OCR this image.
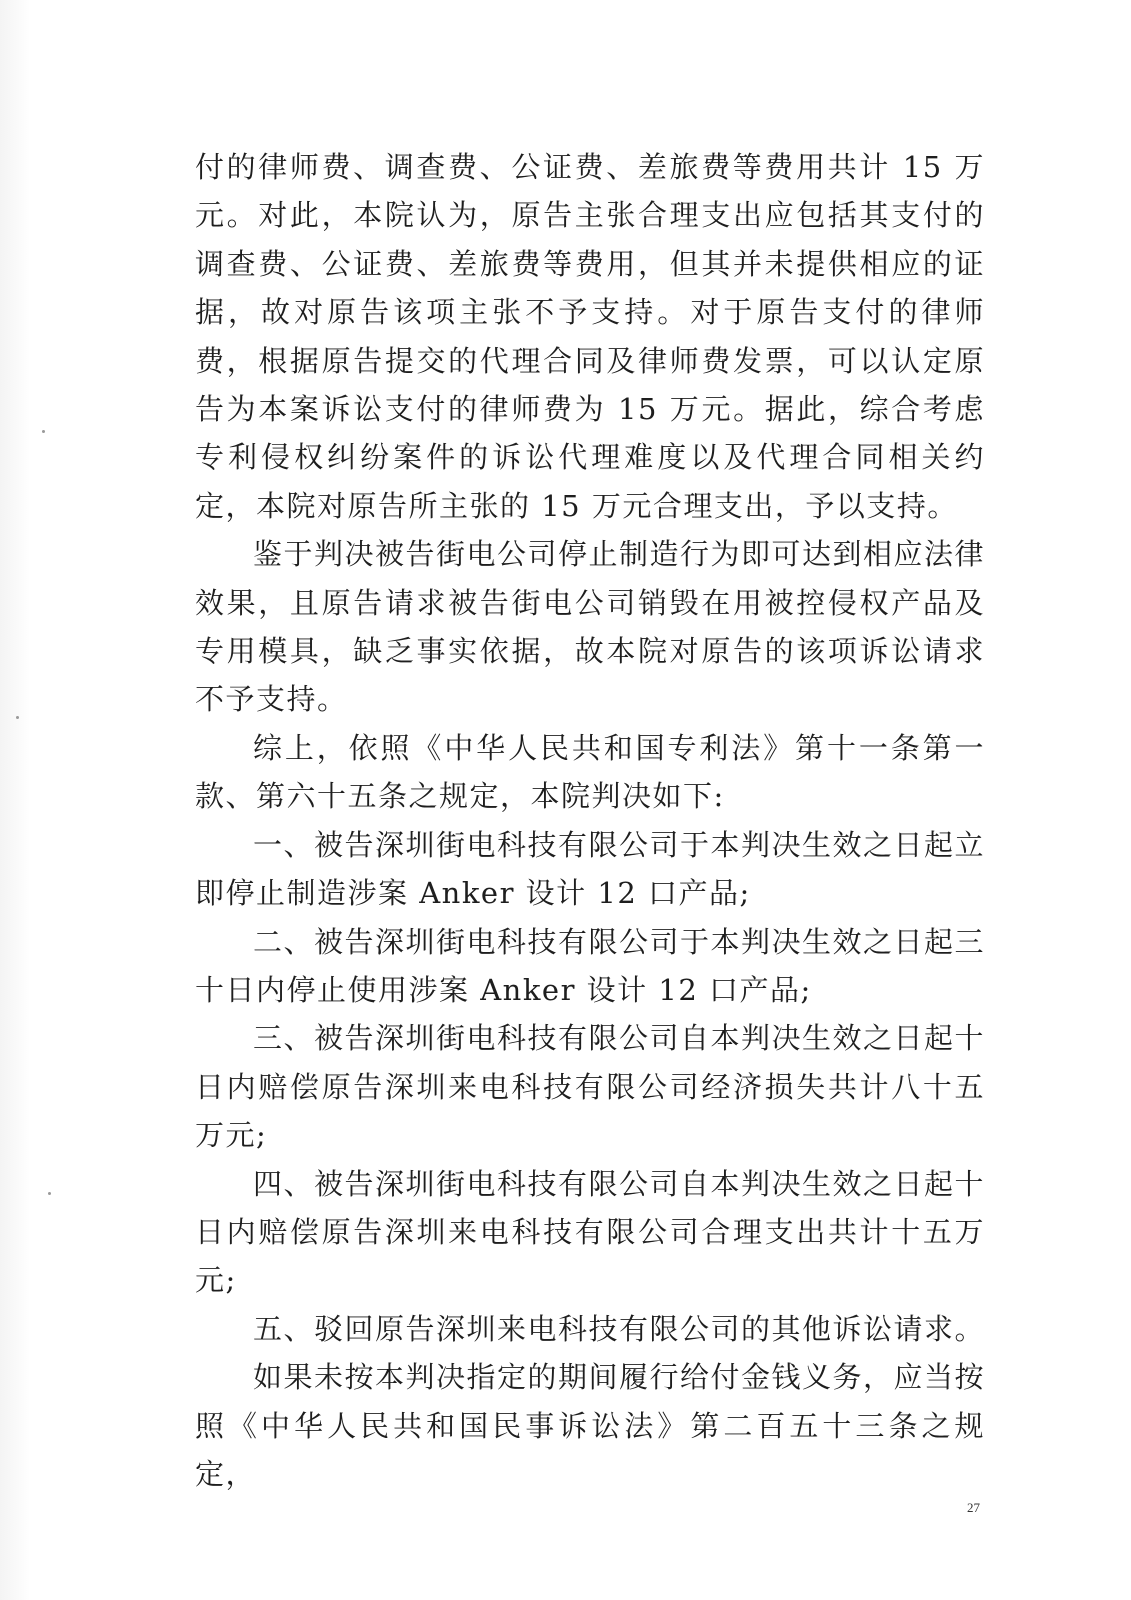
付的律师费、调查费、公证费、差旅费等费用共计 15 万元。对此，本院认为，原告主张合理支出应包括其支付的调查费、公证费、差旅费等费用，但其并未提供相应的证据，故对原告该项主张不予支持。对于原告支付的律师费，根据原告提交的代理合同及律师费发票，可以认定原告为本案诉讼支付的律师费为 15 万元。据此，综合考虑专利侵权纠纷案件的诉讼代理难度以及代理合同相关约定，本院对原告所主张的 15 万元合理支出，予以支持。

鉴于判决被告街电公司停止制造行为即可达到相应法律效果，且原告请求被告街电公司销毁在用被控侵权产品及专用模具，缺乏事实依据，故本院对原告的该项诉讼请求不予支持。

综上，依照《中华人民共和国专利法》第十一条第一款、第六十五条之规定，本院判决如下:

一、被告深圳街电科技有限公司于本判决生效之日起立即停止制造涉案 Anker 设计 12 口产品;

二、被告深圳街电科技有限公司于本判决生效之日起三十日内停止使用涉案 Anker 设计 12 口产品;

三、被告深圳街电科技有限公司自本判决生效之日起十日内赔偿原告深圳来电科技有限公司经济损失共计八十五万元;

四、被告深圳街电科技有限公司自本判决生效之日起十日内赔偿原告深圳来电科技有限公司合理支出共计十五万元;

五、驳回原告深圳来电科技有限公司的其他诉讼请求。

如果未按本判决指定的期间履行给付金钱义务，应当按照《中华人民共和国民事诉讼法》第二百五十三条之规定，

27
